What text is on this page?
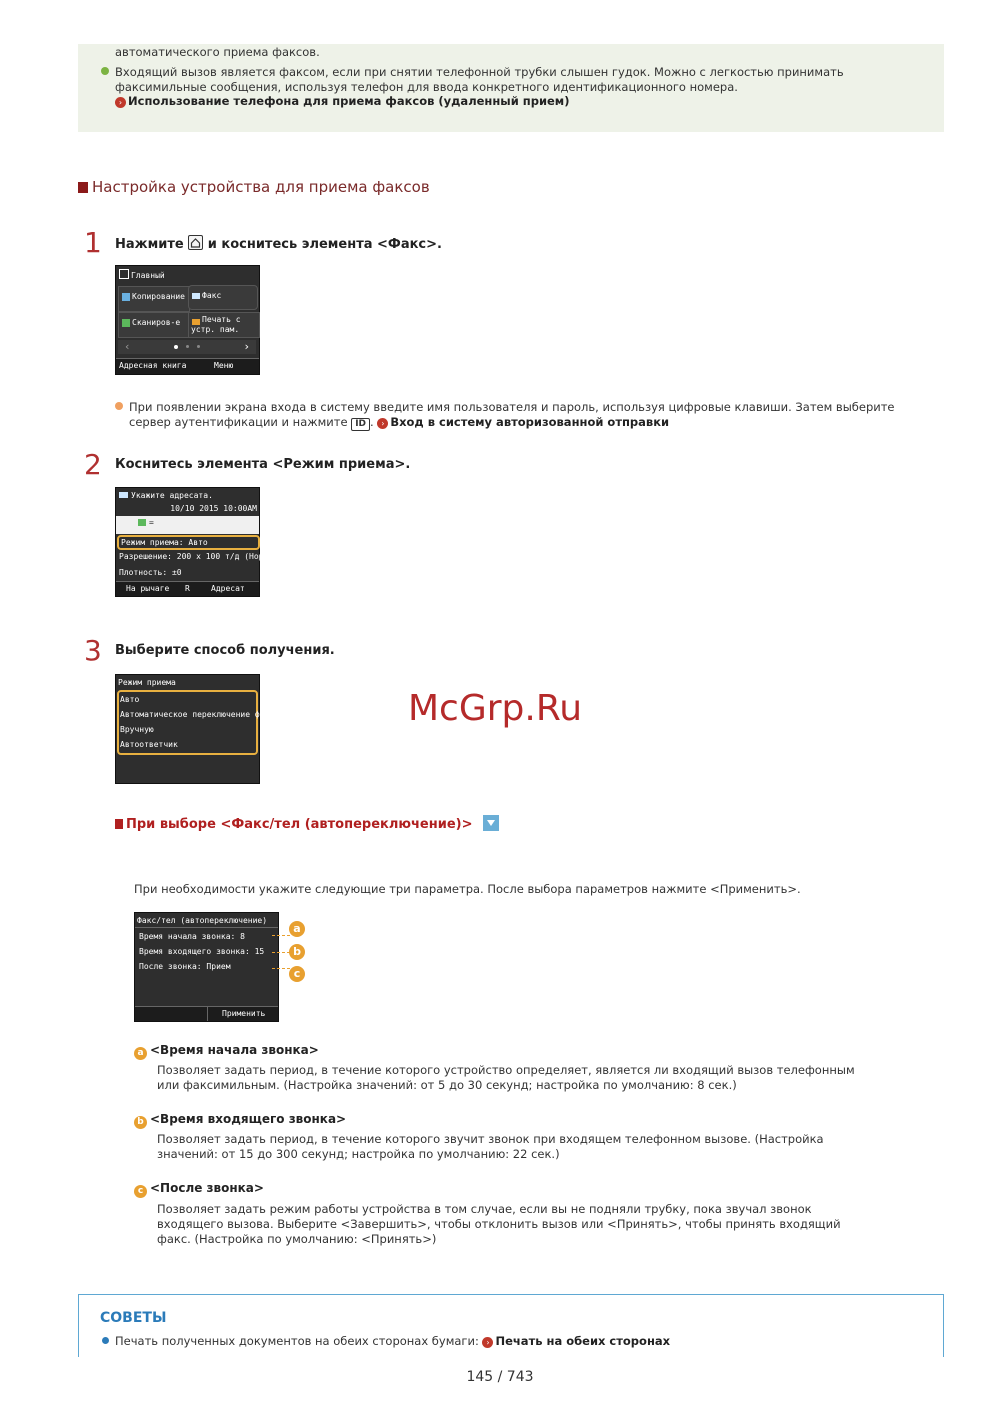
автоматического приема факсов.
Входящий вызов является факсом, если при снятии телефонной трубки слышен гудок. Можно с легкостью принимать
факсимильные сообщения, используя телефон для ввода конкретного идентификационного номера.
› Использование телефона для приема факсов (удаленный прием)
Настройка устройства для приема факсов
1 Нажмите и коснитесь элемента <Факс>.
Главный
Копирование	Факс
Сканиров-е	Печать с
устр. пам.
‹	›
Адресная книга	Меню
При появлении экрана входа в систему введите имя пользователя и пароль, используя цифровые клавиши. Затем выберите
сервер аутентификации и нажмите ID . › Вход в систему авторизованной отправки
2 Коснитесь элемента <Режим приема>.
Укажите адресата.
10/10 2015 10:00AM
=
Режим приема: Авто
Разрешение: 200 x 100 т/д (Нор
Плотность: ±0
На рычаге R	Адресат
3 Выберите способ получения.
Режим приема
Авто
Автоматическое переключение фа
Вручную
Автоответчик
McGrp.Ru
При выборе <Факс/тел (автопереключение)>
При необходимости укажите следующие три параметра. После выбора параметров нажмите <Применить>.
Факс/тел (автопереключение)
Время начала звонка: 8
Время входящего звонка: 15
После звонка: Прием
Применить
a
b
c
a <Время начала звонка>
Позволяет задать период, в течение которого устройство определяет, является ли входящий вызов телефонным
или факсимильным. (Настройка значений: от 5 до 30 секунд; настройка по умолчанию: 8 сек.)
b <Время входящего звонка>
Позволяет задать период, в течение которого звучит звонок при входящем телефонном вызове. (Настройка
значений: от 15 до 300 секунд; настройка по умолчанию: 22 сек.)
c <После звонка>
Позволяет задать режим работы устройства в том случае, если вы не подняли трубку, пока звучал звонок
входящего вызова. Выберите <Завершить>, чтобы отклонить вызов или <Принять>, чтобы принять входящий
факс. (Настройка по умолчанию: <Принять>)
СОВЕТЫ
Печать полученных документов на обеих сторонах бумаги: › Печать на обеих сторонах
145 / 743
